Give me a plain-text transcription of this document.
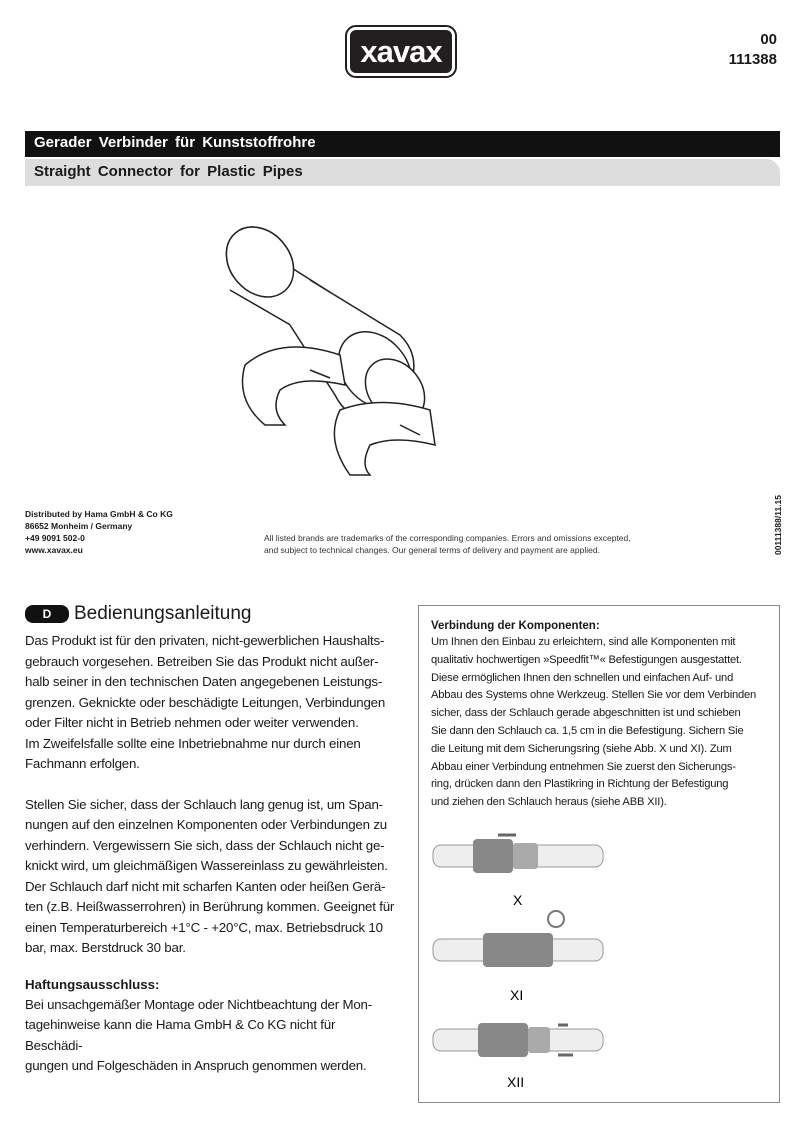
xavax	00
111388
Gerader Verbinder für Kunststoffrohre
Straight Connector for Plastic Pipes
Distributed by Hama GmbH & Co KG
86652 Monheim / Germany
+49 9091 502-0
www.xavax.eu
All listed brands are trademarks of the corresponding companies. Errors and omissions excepted,
and subject to technical changes. Our general terms of delivery and payment are applied.	00111388/11.15
D Bedienungsanleitung
Das Produkt ist für den privaten, nicht-gewerblichen Haushalts-
gebrauch vorgesehen. Betreiben Sie das Produkt nicht außer-
halb seiner in den technischen Daten angegebenen Leistungs-
grenzen. Geknickte oder beschädigte Leitungen, Verbindungen
oder Filter nicht in Betrieb nehmen oder weiter verwenden.
Im Zweifelsfalle sollte eine Inbetriebnahme nur durch einen
Fachmann erfolgen.
Stellen Sie sicher, dass der Schlauch lang genug ist, um Span-
nungen auf den einzelnen Komponenten oder Verbindungen zu
verhindern. Vergewissern Sie sich, dass der Schlauch nicht ge-
knickt wird, um gleichmäßigen Wassereinlass zu gewährleisten.
Der Schlauch darf nicht mit scharfen Kanten oder heißen Gerä-
ten (z.B. Heißwasserrohren) in Berührung kommen. Geeignet für
einen Temperaturbereich +1°C - +20°C, max. Betriebsdruck 10
bar, max. Berstdruck 30 bar.
Haftungsausschluss:
Bei unsachgemäßer Montage oder Nichtbeachtung der Mon-
tagehinweise kann die Hama GmbH & Co KG nicht für Beschädi-
gungen und Folgeschäden in Anspruch genommen werden.
Verbindung der Komponenten:
Um Ihnen den Einbau zu erleichtern, sind alle Komponenten mit
qualitativ hochwertigen »Speedfit™« Befestigungen ausgestattet.
Diese ermöglichen Ihnen den schnellen und einfachen Auf- und
Abbau des Systems ohne Werkzeug. Stellen Sie vor dem Verbinden
sicher, dass der Schlauch gerade abgeschnitten ist und schieben
Sie dann den Schlauch ca. 1,5 cm in die Befestigung. Sichern Sie
die Leitung mit dem Sicherungsring (siehe Abb. X und XI). Zum
Abbau einer Verbindung entnehmen Sie zuerst den Sicherungs-
ring, drücken dann den Plastikring in Richtung der Befestigung
und ziehen den Schlauch heraus (siehe ABB XII).
X
XI
XII
